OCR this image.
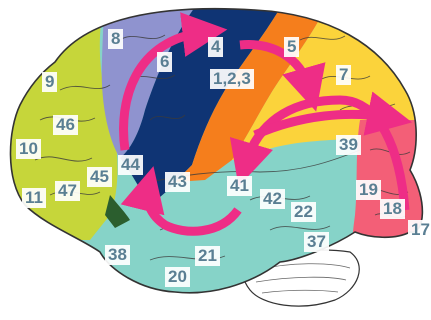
8	4	5
6
9	1,2,3	7
46
39
10
44
45
47	43	41
11	42	19
22	18
17
37
38	21
20
